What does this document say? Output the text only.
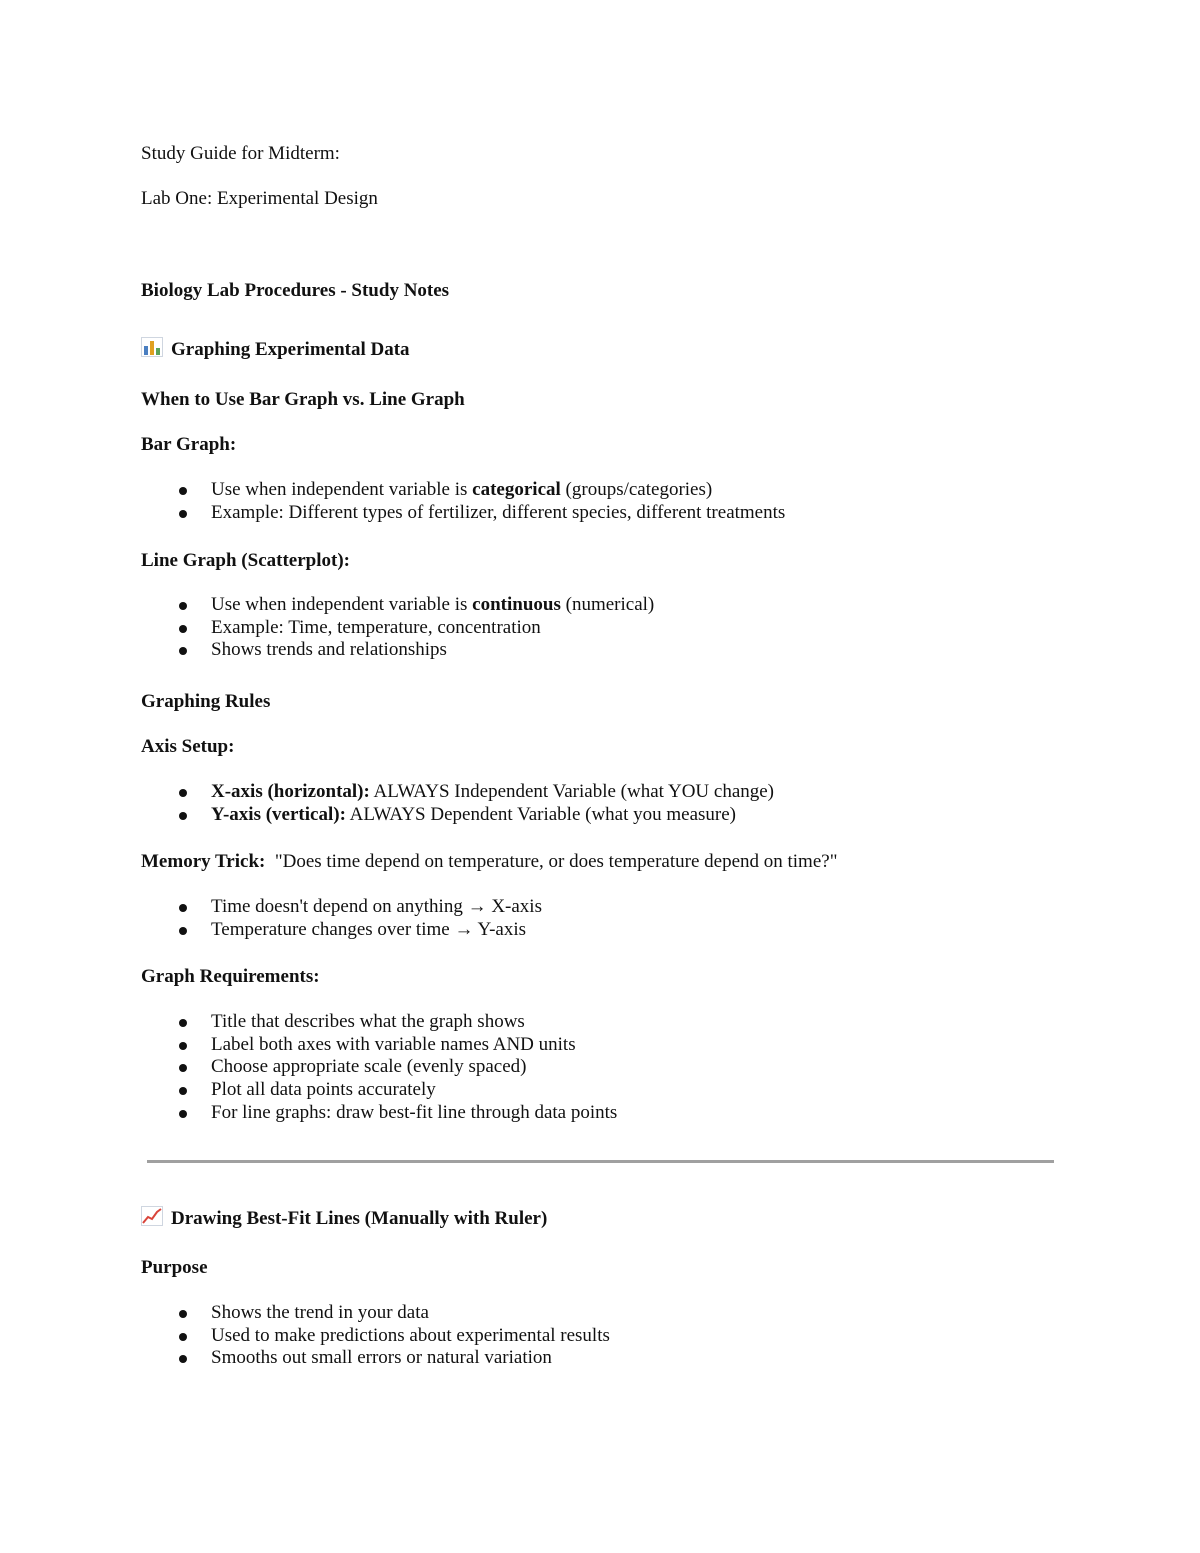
Study Guide for Midterm:
Lab One: Experimental Design
Biology Lab Procedures - Study Notes
Graphing Experimental Data
When to Use Bar Graph vs. Line Graph
Bar Graph:
Use when independent variable is categorical (groups/categories)
Example: Different types of fertilizer, different species, different treatments
Line Graph (Scatterplot):
Use when independent variable is continuous (numerical)
Example: Time, temperature, concentration
Shows trends and relationships
Graphing Rules
Axis Setup:
X-axis (horizontal): ALWAYS Independent Variable (what YOU change)
Y-axis (vertical): ALWAYS Dependent Variable (what you measure)
Memory Trick:  "Does time depend on temperature, or does temperature depend on time?"
Time doesn't depend on anything → X-axis
Temperature changes over time → Y-axis
Graph Requirements:
Title that describes what the graph shows
Label both axes with variable names AND units
Choose appropriate scale (evenly spaced)
Plot all data points accurately
For line graphs: draw best-fit line through data points
Drawing Best-Fit Lines (Manually with Ruler)
Purpose
Shows the trend in your data
Used to make predictions about experimental results
Smooths out small errors or natural variation
